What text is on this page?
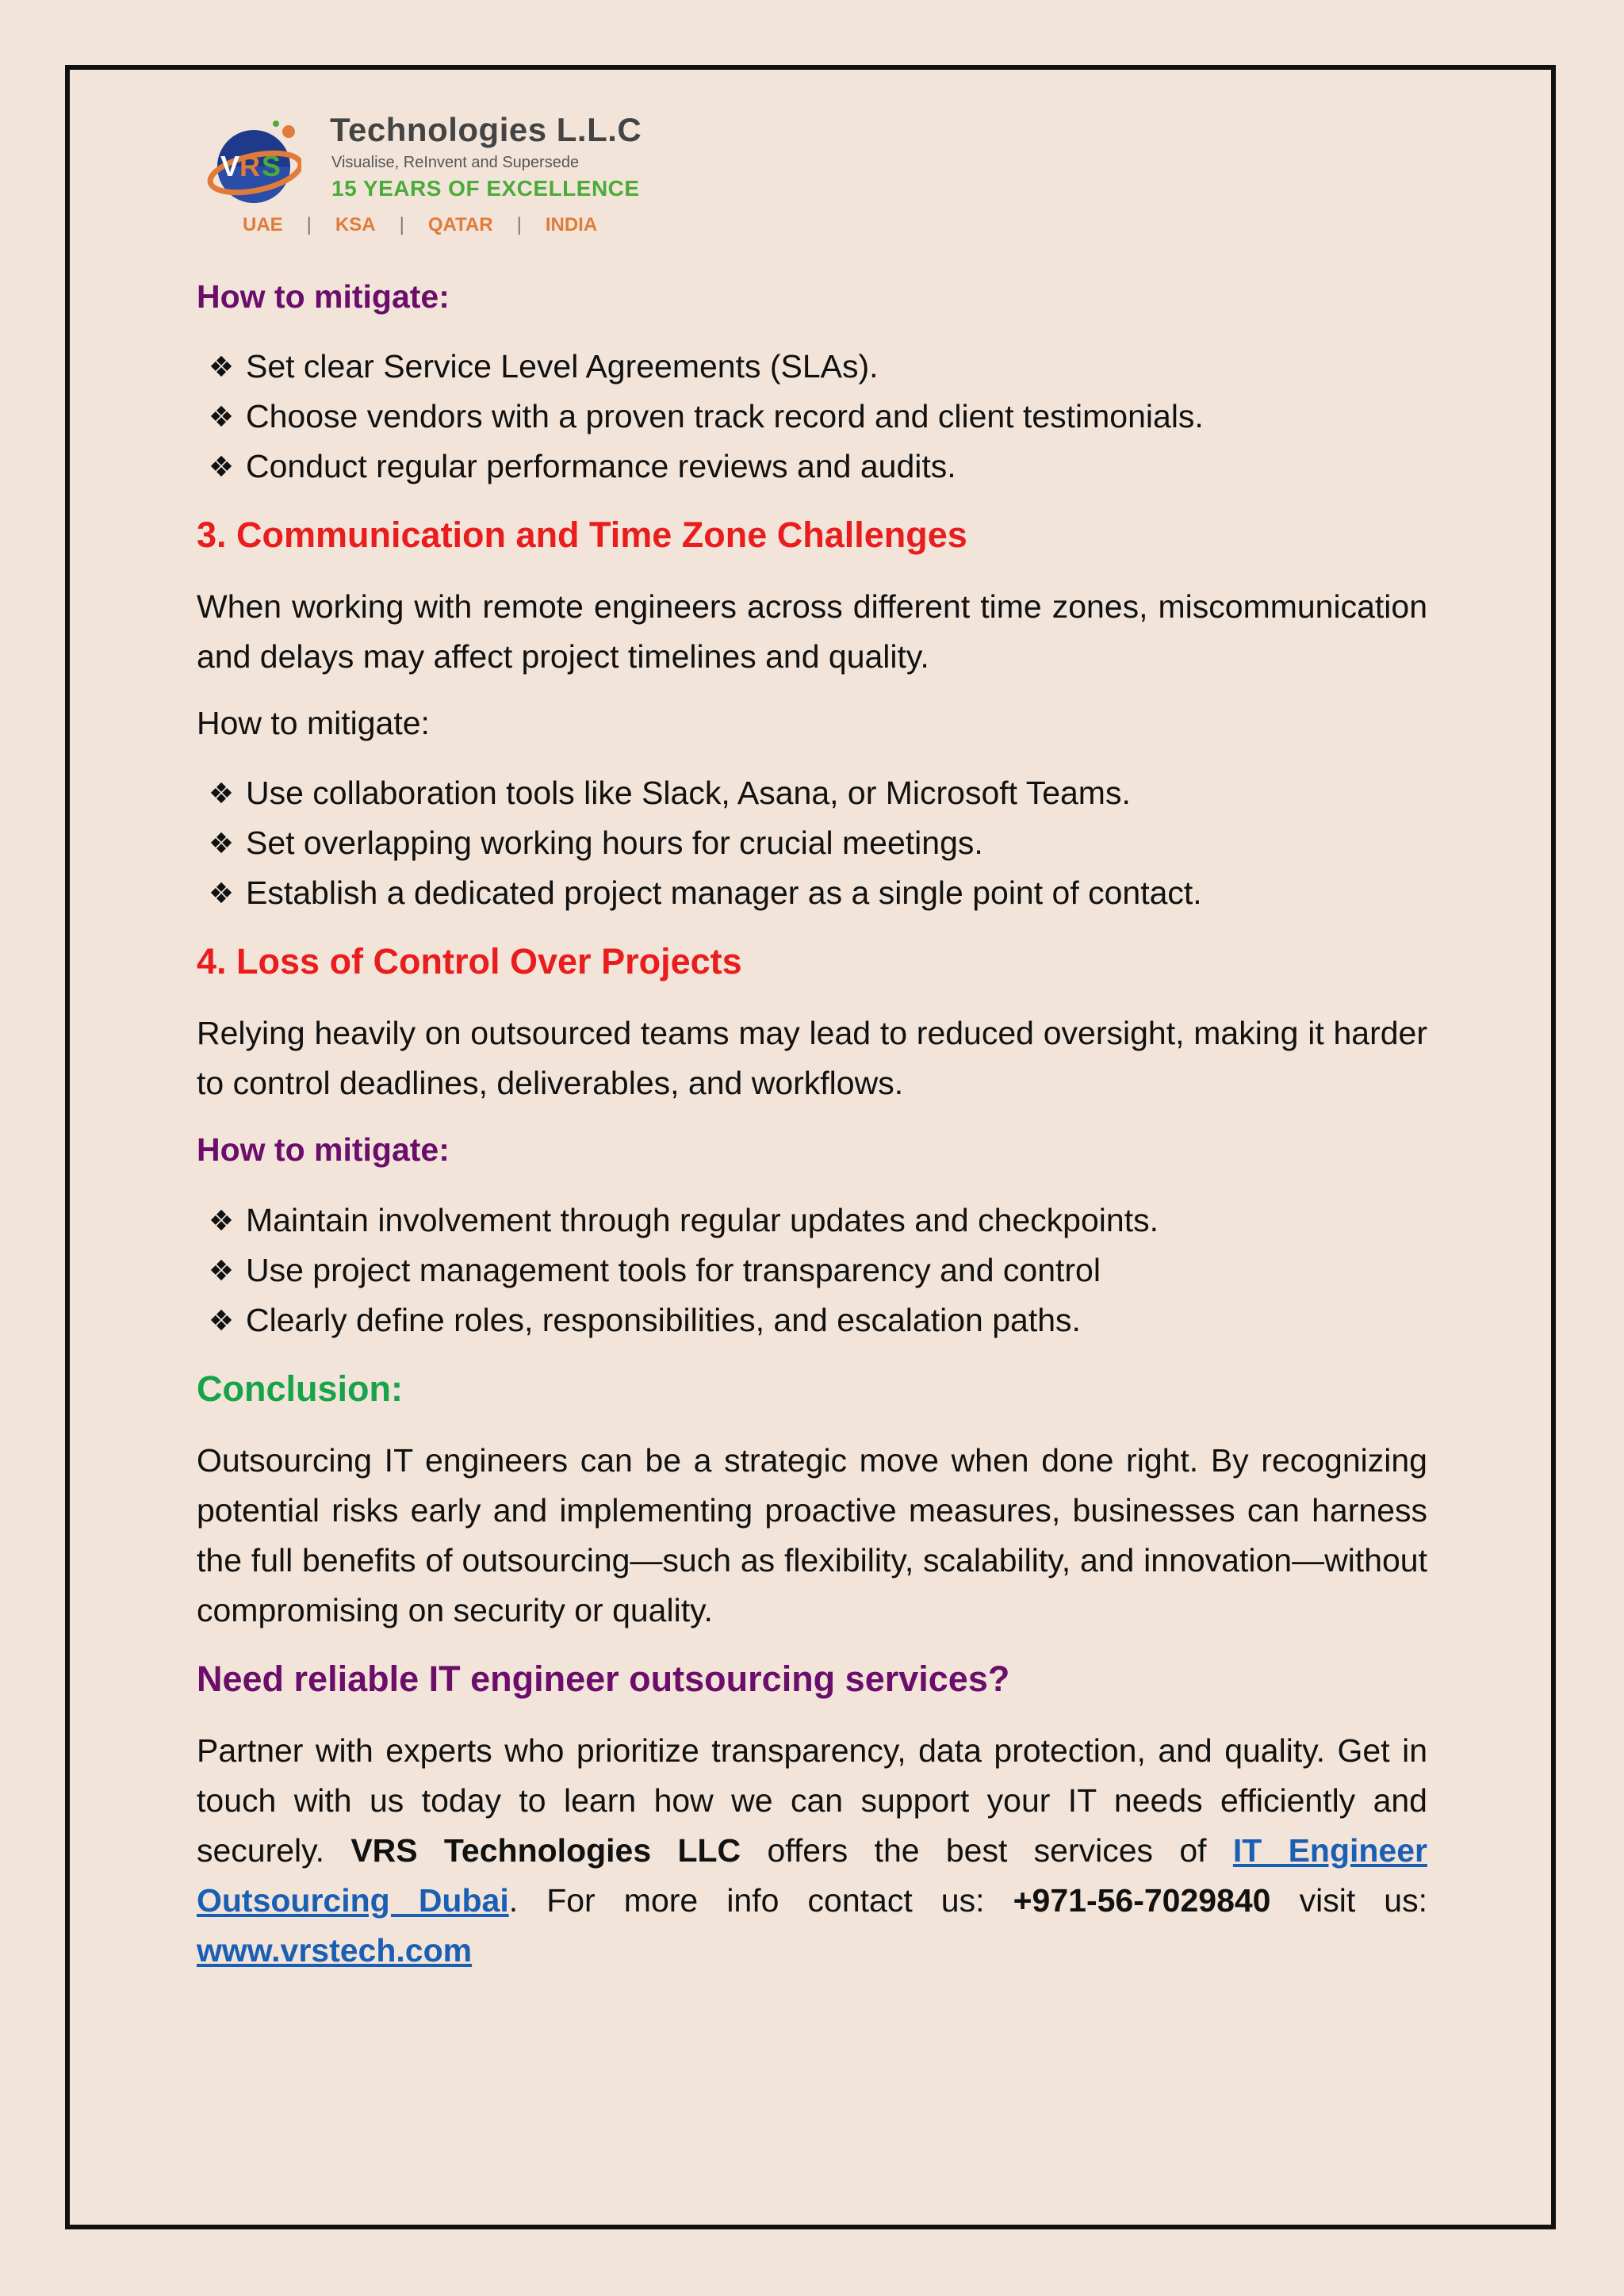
V R S
Technologies L.L.C
Visualise, ReInvent and Supersede
15 YEARS OF EXCELLENCE
UAE | KSA | QATAR | INDIA
How to mitigate:
❖ Set clear Service Level Agreements (SLAs).
❖ Choose vendors with a proven track record and client testimonials.
❖ Conduct regular performance reviews and audits.
3. Communication and Time Zone Challenges

When working with remote engineers across different time zones, miscommunication and delays may affect project timelines and quality.

How to mitigate:
❖ Use collaboration tools like Slack, Asana, or Microsoft Teams.
❖ Set overlapping working hours for crucial meetings.
❖ Establish a dedicated project manager as a single point of contact.
4. Loss of Control Over Projects

Relying heavily on outsourced teams may lead to reduced oversight, making it harder to control deadlines, deliverables, and workflows.

How to mitigate:
❖ Maintain involvement through regular updates and checkpoints.
❖ Use project management tools for transparency and control
❖ Clearly define roles, responsibilities, and escalation paths.
Conclusion:

Outsourcing IT engineers can be a strategic move when done right. By recognizing potential risks early and implementing proactive measures, businesses can harness the full benefits of outsourcing—such as flexibility, scalability, and innovation—without compromising on security or quality.

Need reliable IT engineer outsourcing services?

Partner with experts who prioritize transparency, data protection, and quality. Get in touch with us today to learn how we can support your IT needs efficiently and securely. VRS Technologies LLC offers the best services of IT Engineer Outsourcing Dubai. For more info contact us: +971-56-7029840 visit us: www.vrstech.com
